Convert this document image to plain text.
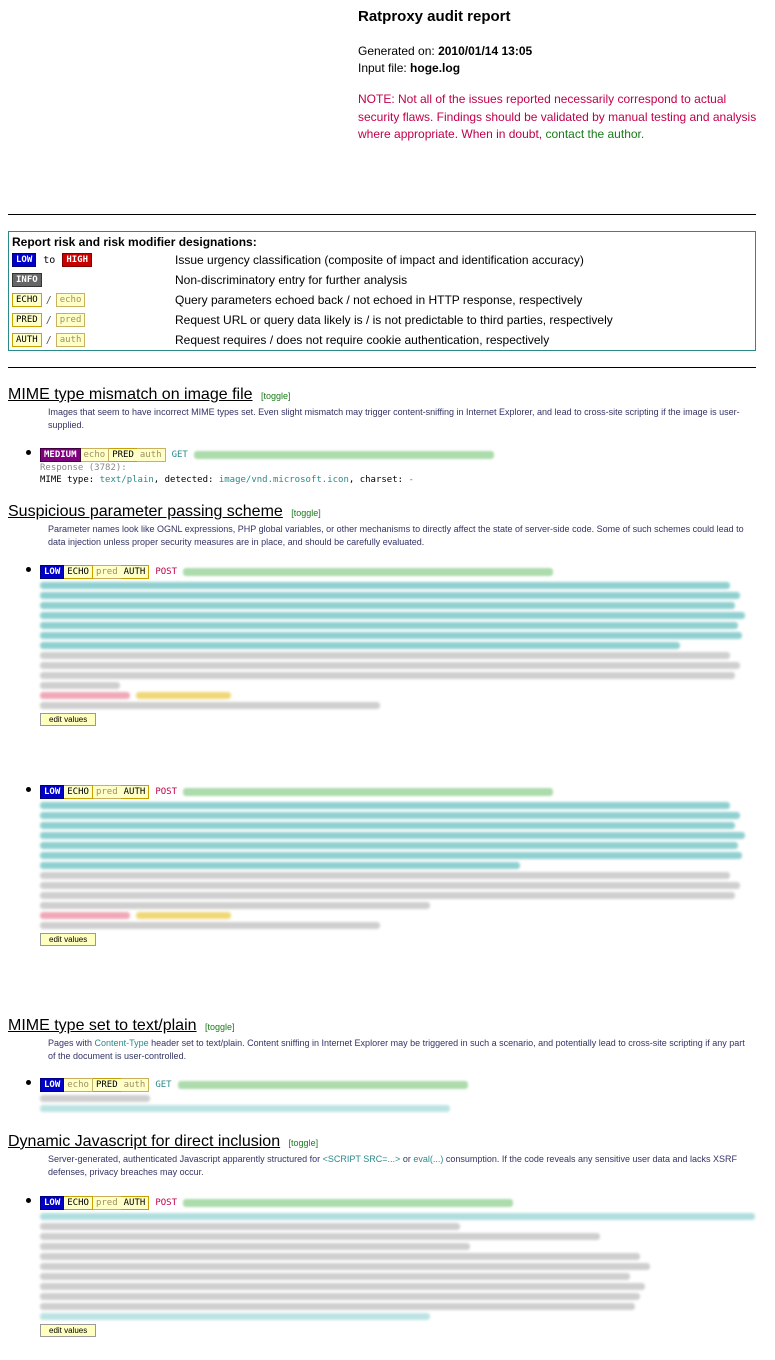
Ratproxy audit report
Generated on: 2010/01/14 13:05
Input file: hoge.log
NOTE: Not all of the issues reported necessarily correspond to actual security flaws. Findings should be validated by manual testing and analysis where appropriate. When in doubt, contact the author.
Report risk and risk modifier designations:
LOW	to	HIGH	Issue urgency classification (composite of impact and identification accuracy)
INFO	Non-discriminatory entry for further analysis
ECHO / echo	Query parameters echoed back / not echoed in HTTP response, respectively
PRED / pred	Request URL or query data likely is / is not predictable to third parties, respectively
AUTH / auth	Request requires / does not require cookie authentication, respectively
MIME type mismatch on image file [toggle]
Images that seem to have incorrect MIME types set. Even slight mismatch may trigger content-sniffing in Internet Explorer, and lead to cross-site scripting if the image is user-supplied.
MEDIUM echo PRED auth	GET
Response (3782):
MIME type: text/plain, detected: image/vnd.microsoft.icon, charset: -
Suspicious parameter passing scheme [toggle]
Parameter names look like OGNL expressions, PHP global variables, or other mechanisms to directly affect the state of server-side code. Some of such schemes could lead to data injection unless proper security measures are in place, and should be carefully evaluated.
LOW ECHO pred AUTH	POST
edit values
LOW ECHO pred AUTH	POST
edit values
MIME type set to text/plain [toggle]
Pages with Content-Type header set to text/plain. Content sniffing in Internet Explorer may be triggered in such a scenario, and potentially lead to cross-site scripting if any part of the document is user-controlled.
LOW echo PRED auth	GET
Dynamic Javascript for direct inclusion [toggle]
Server-generated, authenticated Javascript apparently structured for <SCRIPT SRC=...> or eval(...) consumption. If the code reveals any sensitive user data and lacks XSRF defenses, privacy breaches may occur.
LOW ECHO pred AUTH	POST
edit values
